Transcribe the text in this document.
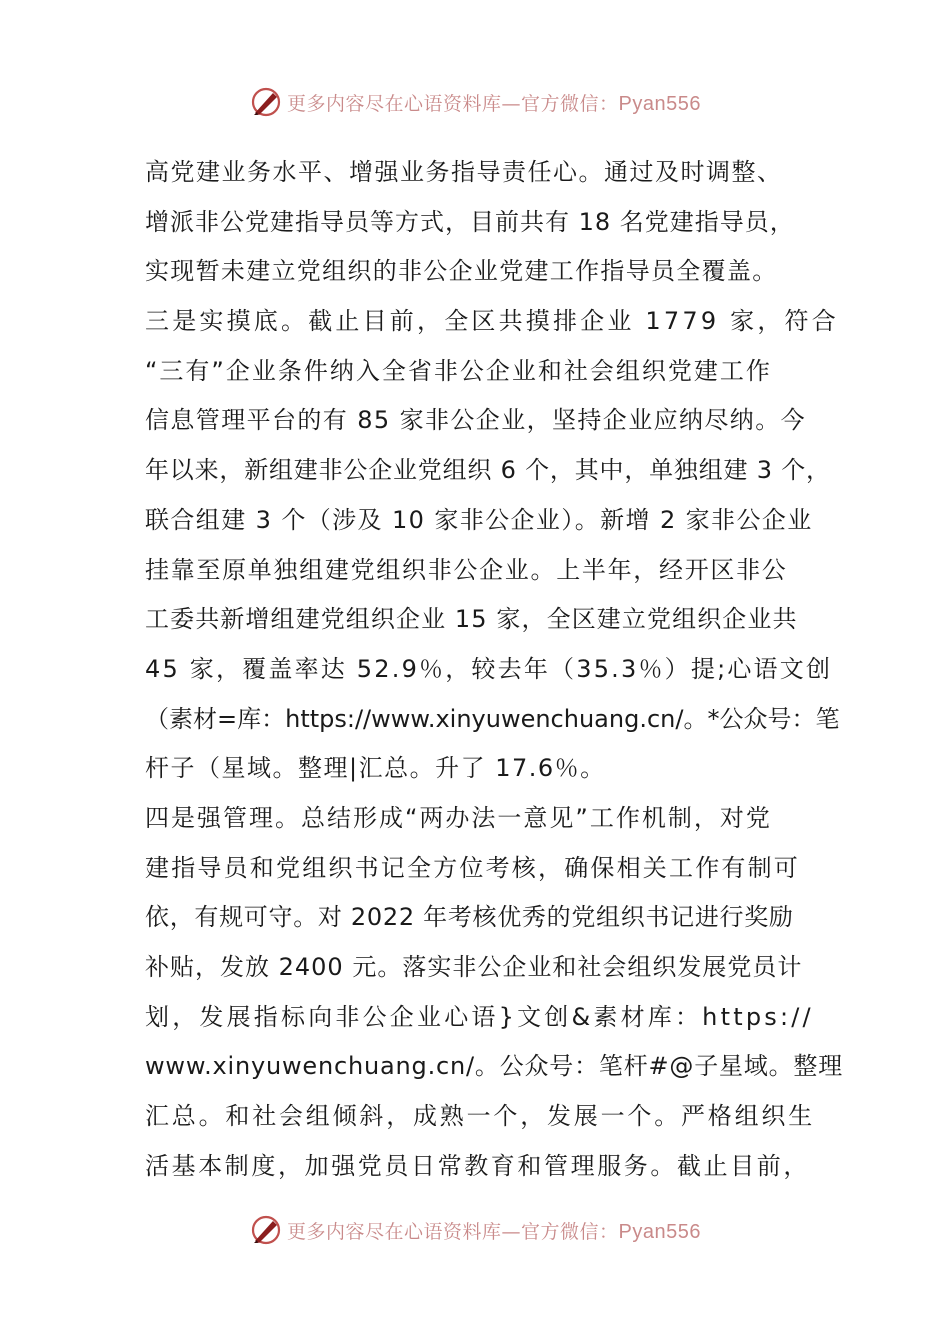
更多内容尽在心语资料库—官方微信：Pyan556
高党建业务水平、增强业务指导责任心。通过及时调整、
增派非公党建指导员等方式，目前共有 18 名党建指导员，
实现暂未建立党组织的非公企业党建工作指导员全覆盖。
三是实摸底。截止目前，全区共摸排企业 1779 家，符合
“三有”企业条件纳入全省非公企业和社会组织党建工作
信息管理平台的有 85 家非公企业，坚持企业应纳尽纳。今
年以来，新组建非公企业党组织 6 个，其中，单独组建 3 个，
联合组建 3 个（涉及 10 家非公企业）。新增 2 家非公企业
挂靠至原单独组建党组织非公企业。上半年，经开区非公
工委共新增组建党组织企业 15 家，全区建立党组织企业共
45 家，覆盖率达 52.9％，较去年（35.3％）提;心语文创
（素材=库：https://www.xinyuwenchuang.cn/。*公众号：笔
杆子（星域。整理|汇总。升了 17.6％。
四是强管理。总结形成“两办法一意见”工作机制，对党
建指导员和党组织书记全方位考核，确保相关工作有制可
依，有规可守。对 2022 年考核优秀的党组织书记进行奖励
补贴，发放 2400 元。落实非公企业和社会组织发展党员计
划，发展指标向非公企业心语}文创&素材库：https://
www.xinyuwenchuang.cn/。公众号：笔杆#@子星域。整理
汇总。和社会组倾斜，成熟一个，发展一个。严格组织生
活基本制度，加强党员日常教育和管理服务。截止目前，
更多内容尽在心语资料库—官方微信：Pyan556
